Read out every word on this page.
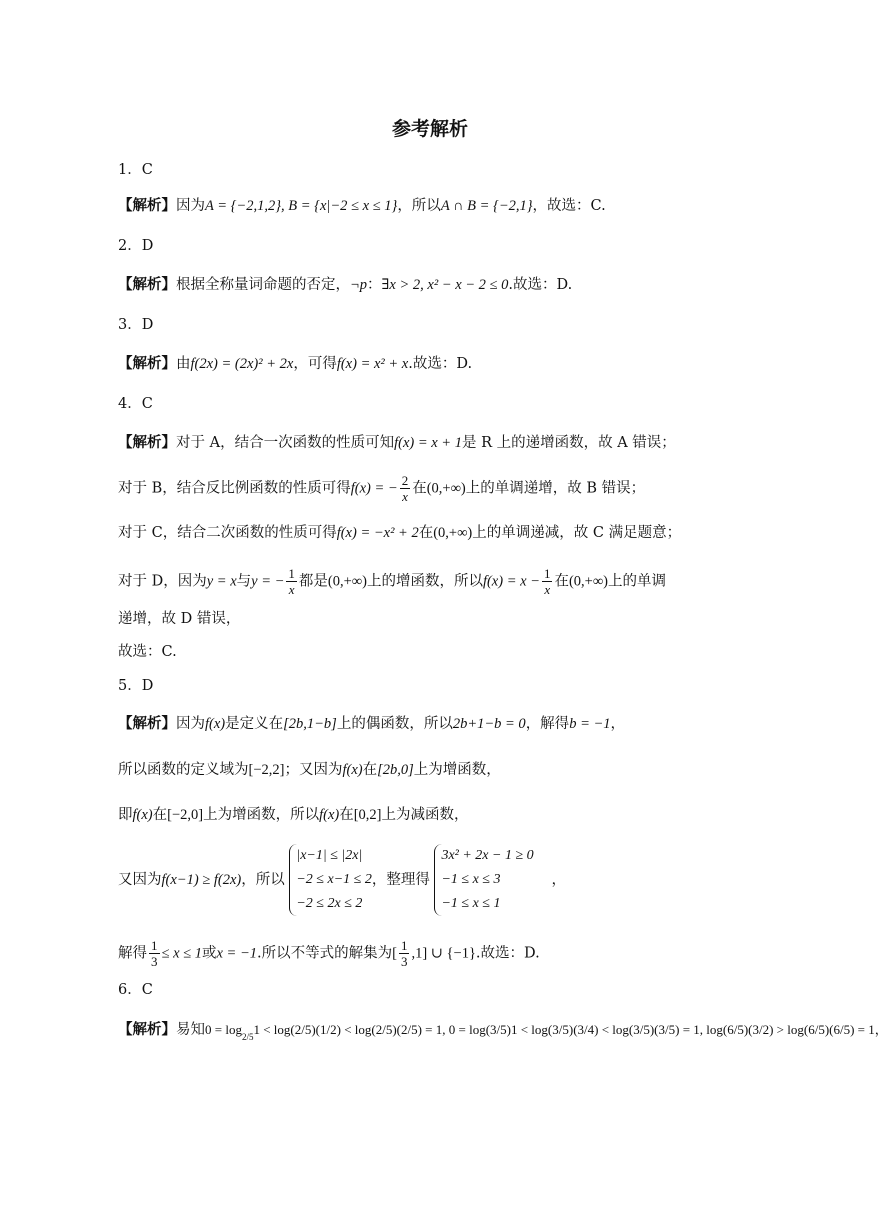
参考解析
1．C
【解析】因为A = {−2,1,2}, B = {x|−2 ≤ x ≤ 1}，所以A ∩ B = {−2,1}，故选：C.
2．D
【解析】根据全称量词命题的否定，¬p：∃x > 2, x² − x − 2 ≤ 0.故选：D.
3．D
【解析】由f(2x) = (2x)² + 2x，可得f(x) = x² + x.故选：D.
4．C
【解析】对于 A，结合一次函数的性质可知f(x) = x + 1是 R 上的递增函数，故 A 错误；
对于 B，结合反比例函数的性质可得f(x) = − $\frac{2}{x}$ 在(0,+∞)上的单调递增，故 B 错误；
对于 C，结合二次函数的性质可得f(x) = −x² + 2在(0,+∞)上的单调递减，故 C 满足题意；
对于 D，因为y = x与y = − $\frac{1}{x}$ 都是(0,+∞)上的增函数，所以$f(x) = x - \frac{1}{x}$ 在(0,+∞)上的单调
递增，故 D 错误，
故选：C.
5．D
【解析】因为f(x)是定义在[2b,1−b]上的偶函数，所以2b+1−b = 0，解得b = −1，
所以函数的定义域为[−2,2]；又因为f(x)在[2b,0]上为增函数，
即f(x)在[−2,0]上为增函数，所以f(x)在[0,2]上为减函数，
又因为f(x−1) ≥ f(2x)，所以
|x−1| ≤ |2x|
−2 ≤ x−1 ≤ 2
−2 ≤ 2x ≤ 2
，整理得
3x² + 2x − 1 ≥ 0
−1 ≤ x ≤ 3
−1 ≤ x ≤ 1
，
解得 $\frac{1}{3} \le x \le 1$或x = −1.所以不等式的解集为[ $\frac{1}{3} ,1$] ∪ {−1}.故选：D.
6．C
【解析】易知$0 = \log_{2/5}1 < \log(2/5)(1/2) < \log(2/5)(2/5) = 1$, 0 = log(3/5)1 < log(3/5)(3/4) < log(3/5)(3/5) = 1, log(6/5)(3/2) > log(6/5)(6/5) = 1，
